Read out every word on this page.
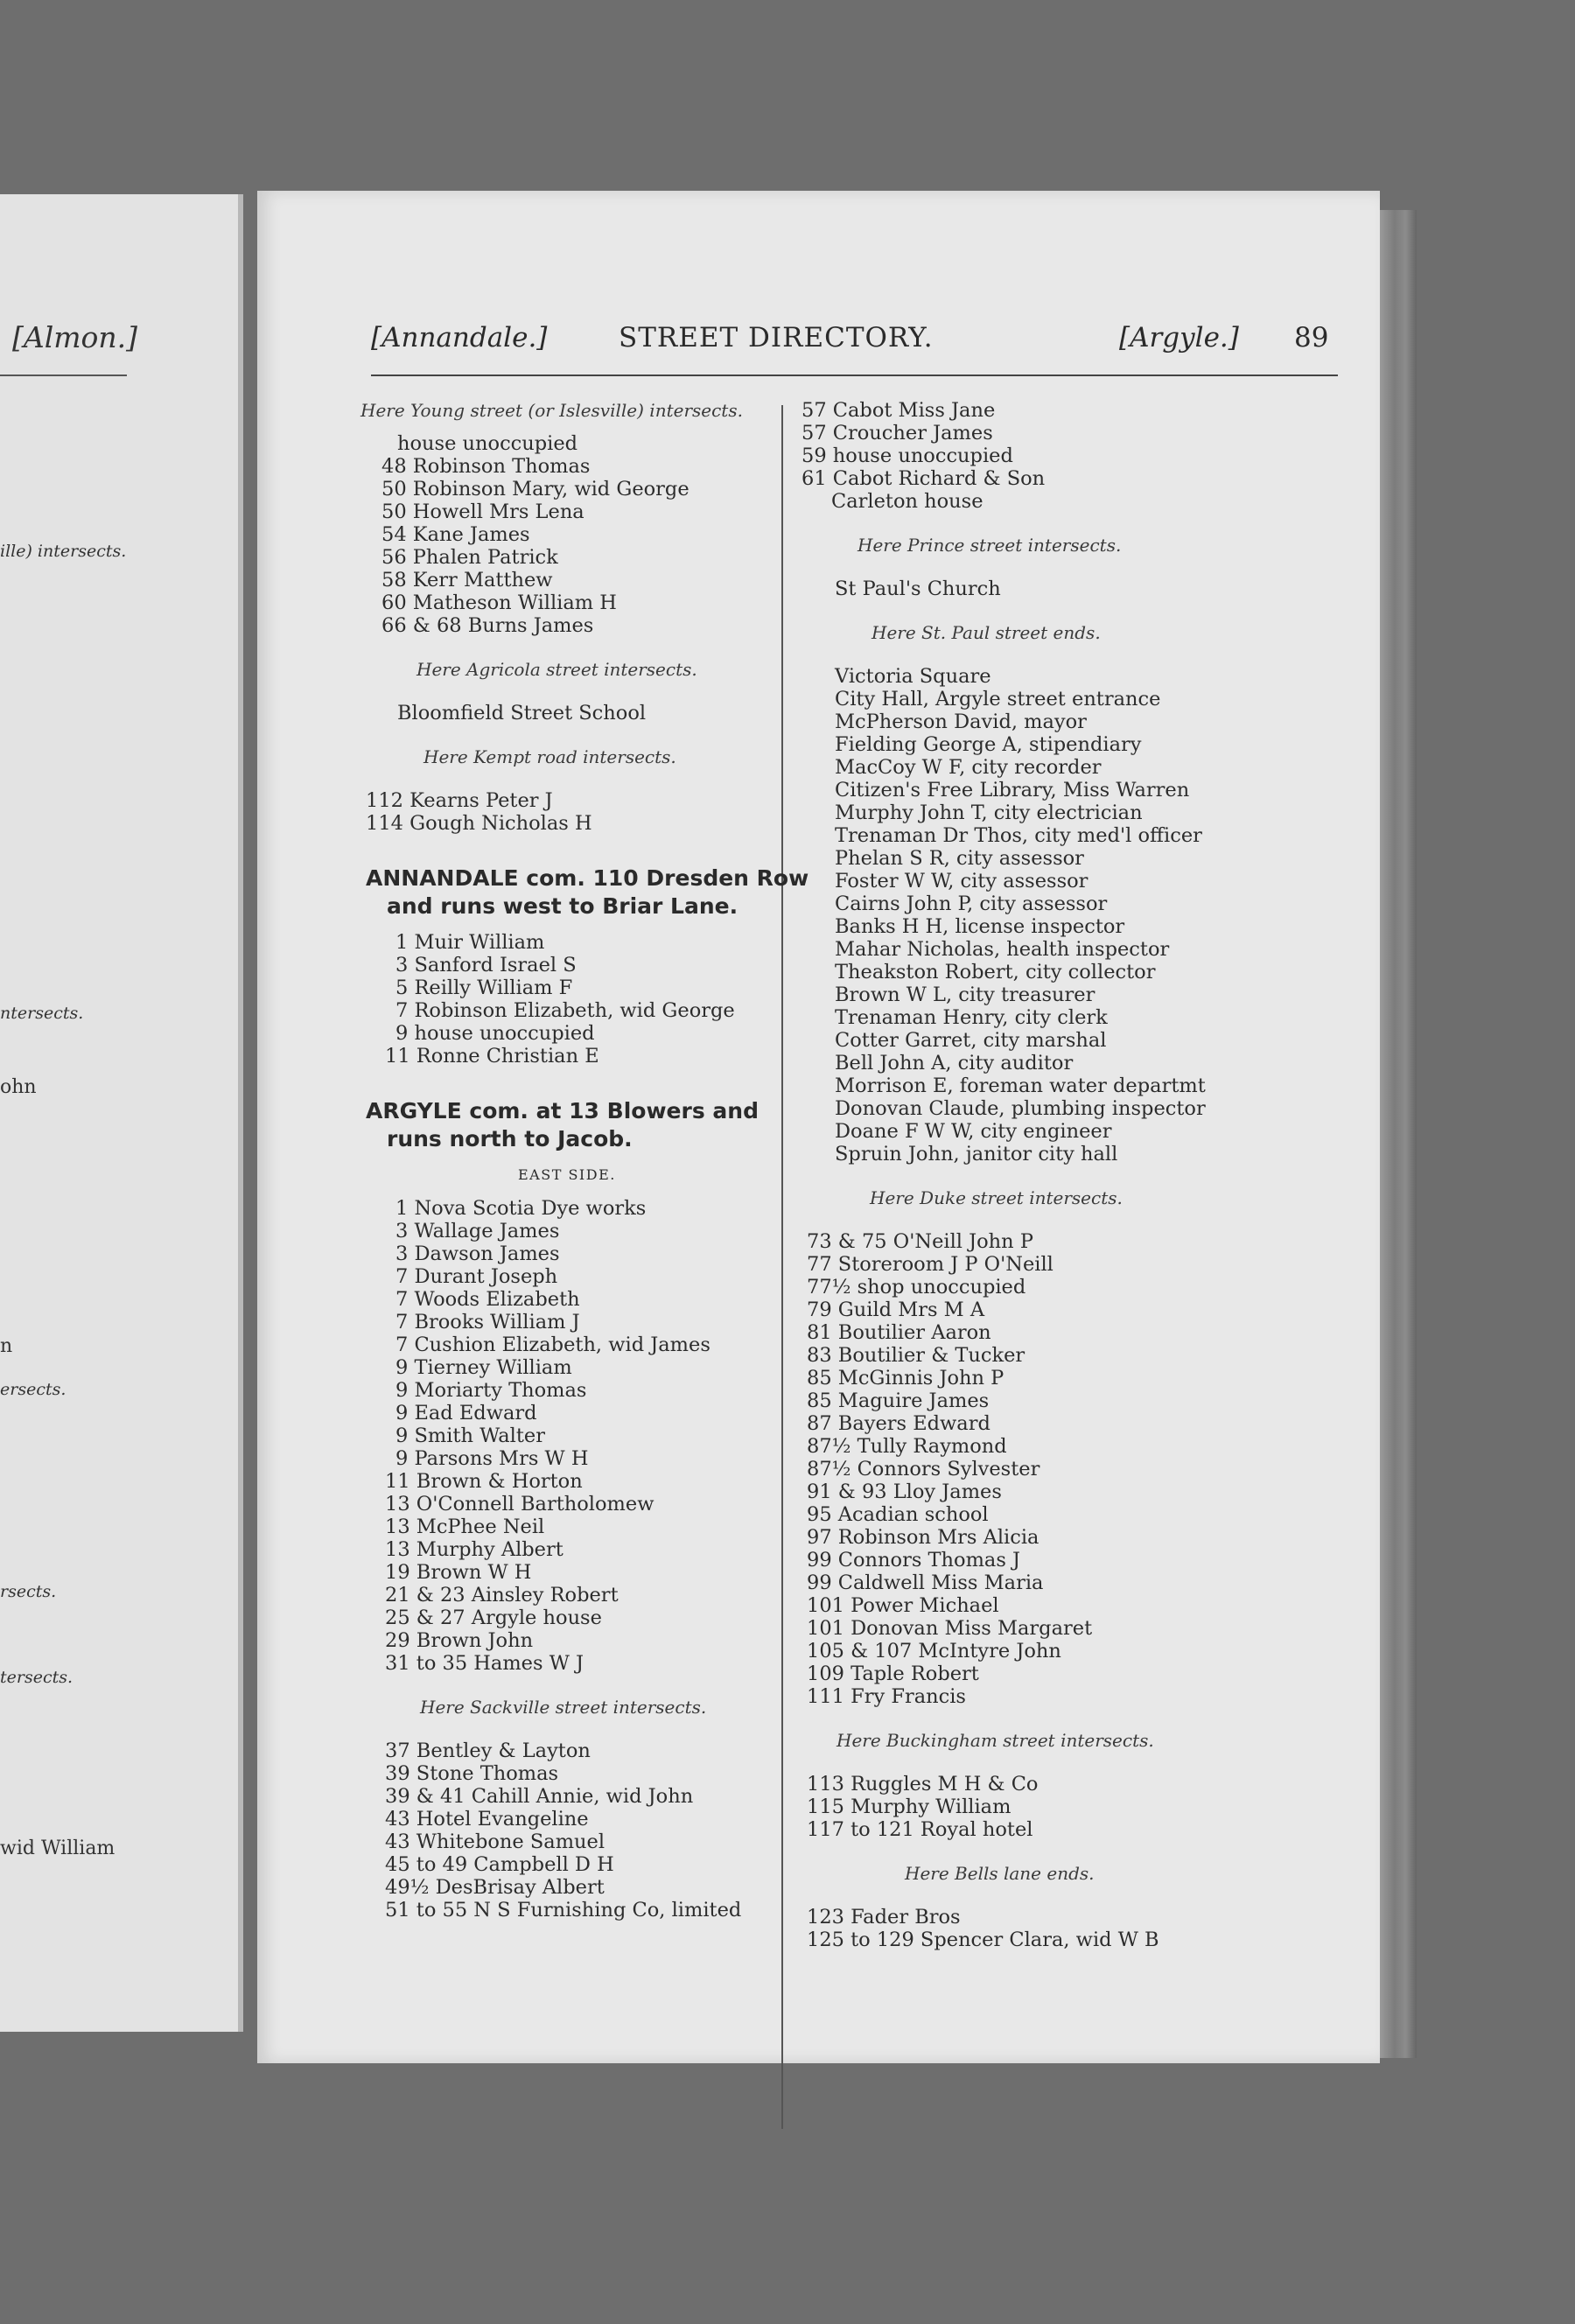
[Almon.]
ille) intersects.
ntersects.
ohn
n
ersects.
rsects.
tersects.
wid William
[Annandale.]	STREET DIRECTORY.	[Argyle.] 89
Here Young street (or Islesville) intersects.
house unoccupied
48 Robinson Thomas
50 Robinson Mary, wid George
50 Howell Mrs Lena
54 Kane James
56 Phalen Patrick
58 Kerr Matthew
60 Matheson William H
66 & 68 Burns James
Here Agricola street intersects.
Bloomfield Street School
Here Kempt road intersects.
112 Kearns Peter J
114 Gough Nicholas H
ANNANDALE com. 110 Dresden Row
and runs west to Briar Lane.
1 Muir William
3 Sanford Israel S
5 Reilly William F
7 Robinson Elizabeth, wid George
9 house unoccupied
11 Ronne Christian E
ARGYLE com. at 13 Blowers and
runs north to Jacob.
EAST SIDE.
1 Nova Scotia Dye works
3 Wallage James
3 Dawson James
7 Durant Joseph
7 Woods Elizabeth
7 Brooks William J
7 Cushion Elizabeth, wid James
9 Tierney William
9 Moriarty Thomas
9 Ead Edward
9 Smith Walter
9 Parsons Mrs W H
11 Brown & Horton
13 O'Connell Bartholomew
13 McPhee Neil
13 Murphy Albert
19 Brown W H
21 & 23 Ainsley Robert
25 & 27 Argyle house
29 Brown John
31 to 35 Hames W J
Here Sackville street intersects.
37 Bentley & Layton
39 Stone Thomas
39 & 41 Cahill Annie, wid John
43 Hotel Evangeline
43 Whitebone Samuel
45 to 49 Campbell D H
49½ DesBrisay Albert
51 to 55 N S Furnishing Co, limited
57 Cabot Miss Jane
57 Croucher James
59 house unoccupied
61 Cabot Richard & Son
Carleton house
Here Prince street intersects.
St Paul's Church
Here St. Paul street ends.
Victoria Square
City Hall, Argyle street entrance
McPherson David, mayor
Fielding George A, stipendiary
MacCoy W F, city recorder
Citizen's Free Library, Miss Warren
Murphy John T, city electrician
Trenaman Dr Thos, city med'l officer
Phelan S R, city assessor
Foster W W, city assessor
Cairns John P, city assessor
Banks H H, license inspector
Mahar Nicholas, health inspector
Theakston Robert, city collector
Brown W L, city treasurer
Trenaman Henry, city clerk
Cotter Garret, city marshal
Bell John A, city auditor
Morrison E, foreman water departmt
Donovan Claude, plumbing inspector
Doane F W W, city engineer
Spruin John, janitor city hall
Here Duke street intersects.
73 & 75 O'Neill John P
77 Storeroom J P O'Neill
77½ shop unoccupied
79 Guild Mrs M A
81 Boutilier Aaron
83 Boutilier & Tucker
85 McGinnis John P
85 Maguire James
87 Bayers Edward
87½ Tully Raymond
87½ Connors Sylvester
91 & 93 Lloy James
95 Acadian school
97 Robinson Mrs Alicia
99 Connors Thomas J
99 Caldwell Miss Maria
101 Power Michael
101 Donovan Miss Margaret
105 & 107 McIntyre John
109 Taple Robert
111 Fry Francis
Here Buckingham street intersects.
113 Ruggles M H & Co
115 Murphy William
117 to 121 Royal hotel
Here Bells lane ends.
123 Fader Bros
125 to 129 Spencer Clara, wid W B
